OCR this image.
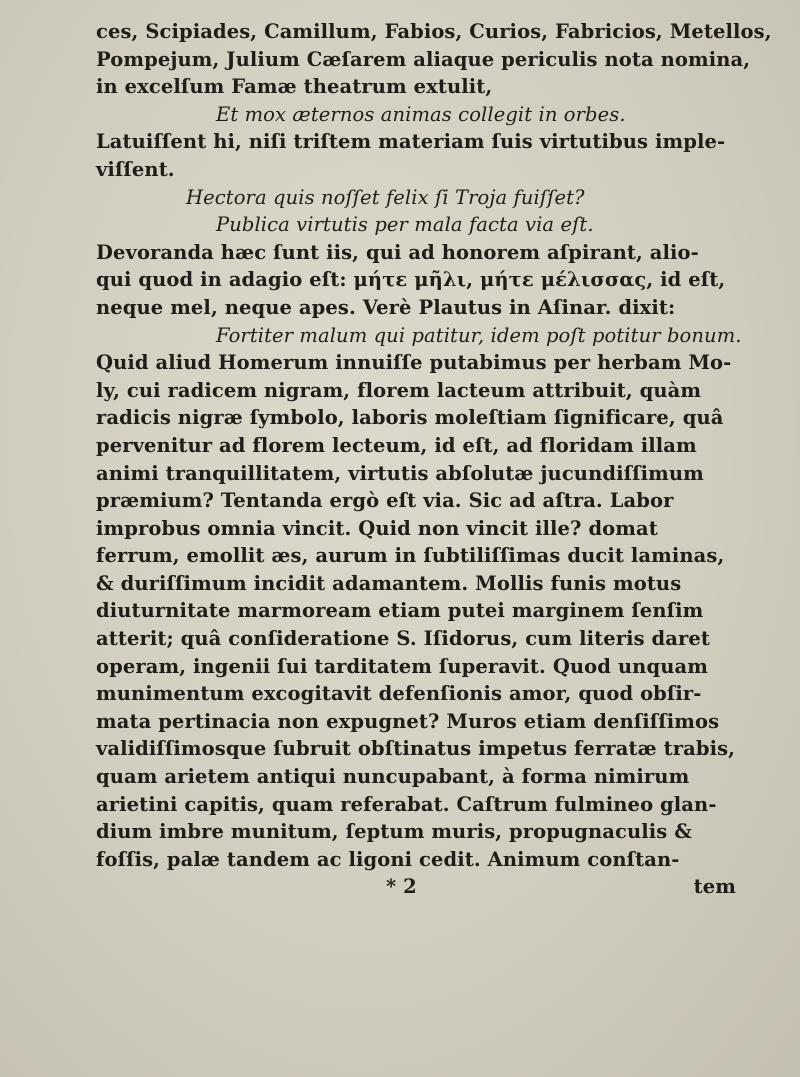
ces, Scipiades, Camillum, Fabios, Curios, Fabricios, Metellos,
Pompejum, Julium Cæſarem aliaque periculis nota nomina,
in excelſum Famæ theatrum extulit,
Et mox æternos animas collegit in orbes.
Latuiſſent hi, niſi triſtem materiam ſuis virtutibus imple-
viſſent.
Hectora quis noſſet felix ſi Troja fuiſſet?
Publica virtutis per mala facta via eſt.
Devoranda hæc ſunt iis, qui ad honorem aſpirant, alio-
qui quod in adagio eſt: μήτε μῆλι, μήτε μέλισσας, id eſt,
neque mel, neque apes. Verè Plautus in Aſinar. dixit:
Fortiter malum qui patitur, idem poſt potitur bonum.
Quid aliud Homerum innuiſſe putabimus per herbam Mo-
ly, cui radicem nigram, florem lacteum attribuit, quàm
radicis nigræ ſymbolo, laboris moleſtiam ſignificare, quâ
pervenitur ad florem lecteum, id eſt, ad floridam illam
animi tranquillitatem, virtutis abſolutæ jucundiſſimum
præmium? Tentanda ergò eſt via. Sic ad aſtra. Labor
improbus omnia vincit. Quid non vincit ille? domat
ferrum, emollit æs, aurum in ſubtiliſſimas ducit laminas,
& duriſſimum incidit adamantem. Mollis funis motus
diuturnitate marmoream etiam putei marginem ſenſim
atterit; quâ conſideratione S. Iſidorus, cum literis daret
operam, ingenii ſui tarditatem ſuperavit. Quod unquam
munimentum excogitavit defenſionis amor, quod obſir-
mata pertinacia non expugnet? Muros etiam denſiſſimos
validiſſimosque ſubruit obſtinatus impetus ferratæ trabis,
quam arietem antiqui nuncupabant, à forma nimirum
arietini capitis, quam referabat. Caſtrum fulmineo glan-
dium imbre munitum, ſeptum muris, propugnaculis &
foſſis, palæ tandem ac ligoni cedit. Animum conſtan-
* 2	tem
